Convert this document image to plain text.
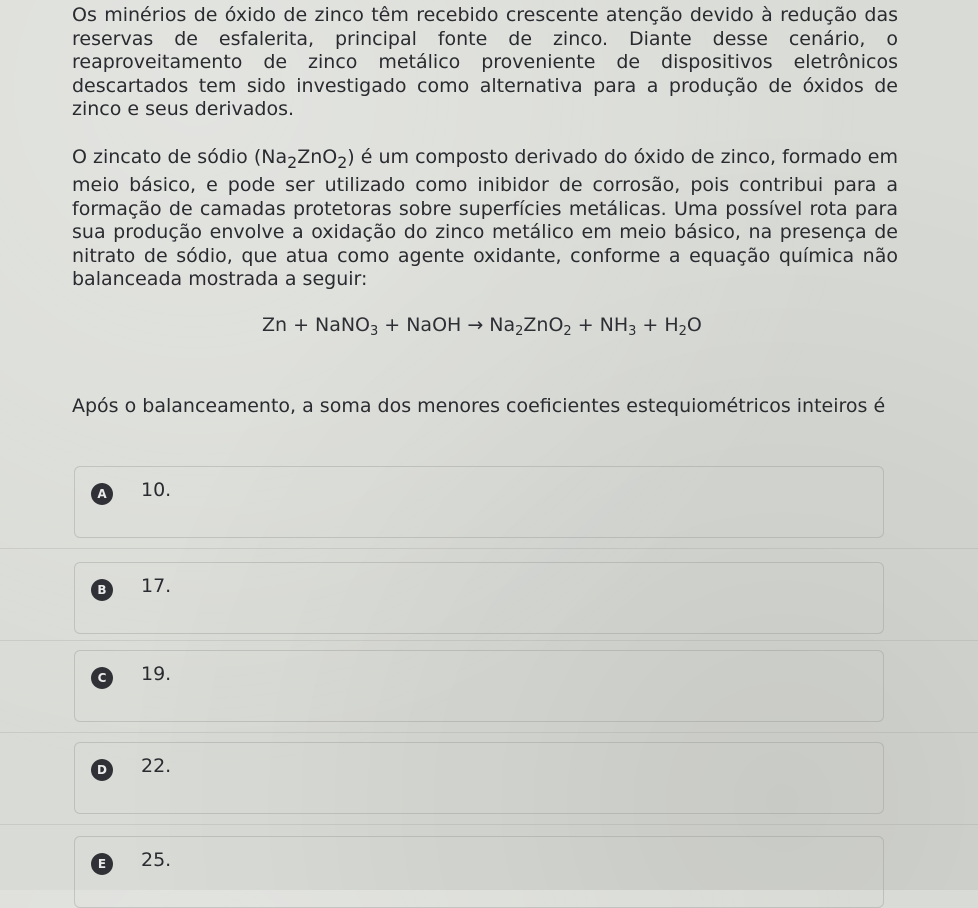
Os minérios de óxido de zinco têm recebido crescente atenção devido à redução das reservas de esfalerita, principal fonte de zinco. Diante desse cenário, o reaproveitamento de zinco metálico proveniente de dispositivos eletrônicos descartados tem sido investigado como alternativa para a produção de óxidos de zinco e seus derivados.

O zincato de sódio $(Na_2ZnO_2)$ é um composto derivado do óxido de zinco, formado em meio básico, e pode ser utilizado como inibidor de corrosão, pois contribui para a formação de camadas protetoras sobre superfícies metálicas. Uma possível rota para sua produção envolve a oxidação do zinco metálico em meio básico, na presença de nitrato de sódio, que atua como agente oxidante, conforme a equação química não balanceada mostrada a seguir:

Zn + NaNO$_3$ + NaOH → $Na_2ZnO_2 + NH_3 + H_2O$

Após o balanceamento, a soma dos menores coeficientes estequiométricos inteiros é

A	10.
B	17.
C	19.
D	22.
E	25.
